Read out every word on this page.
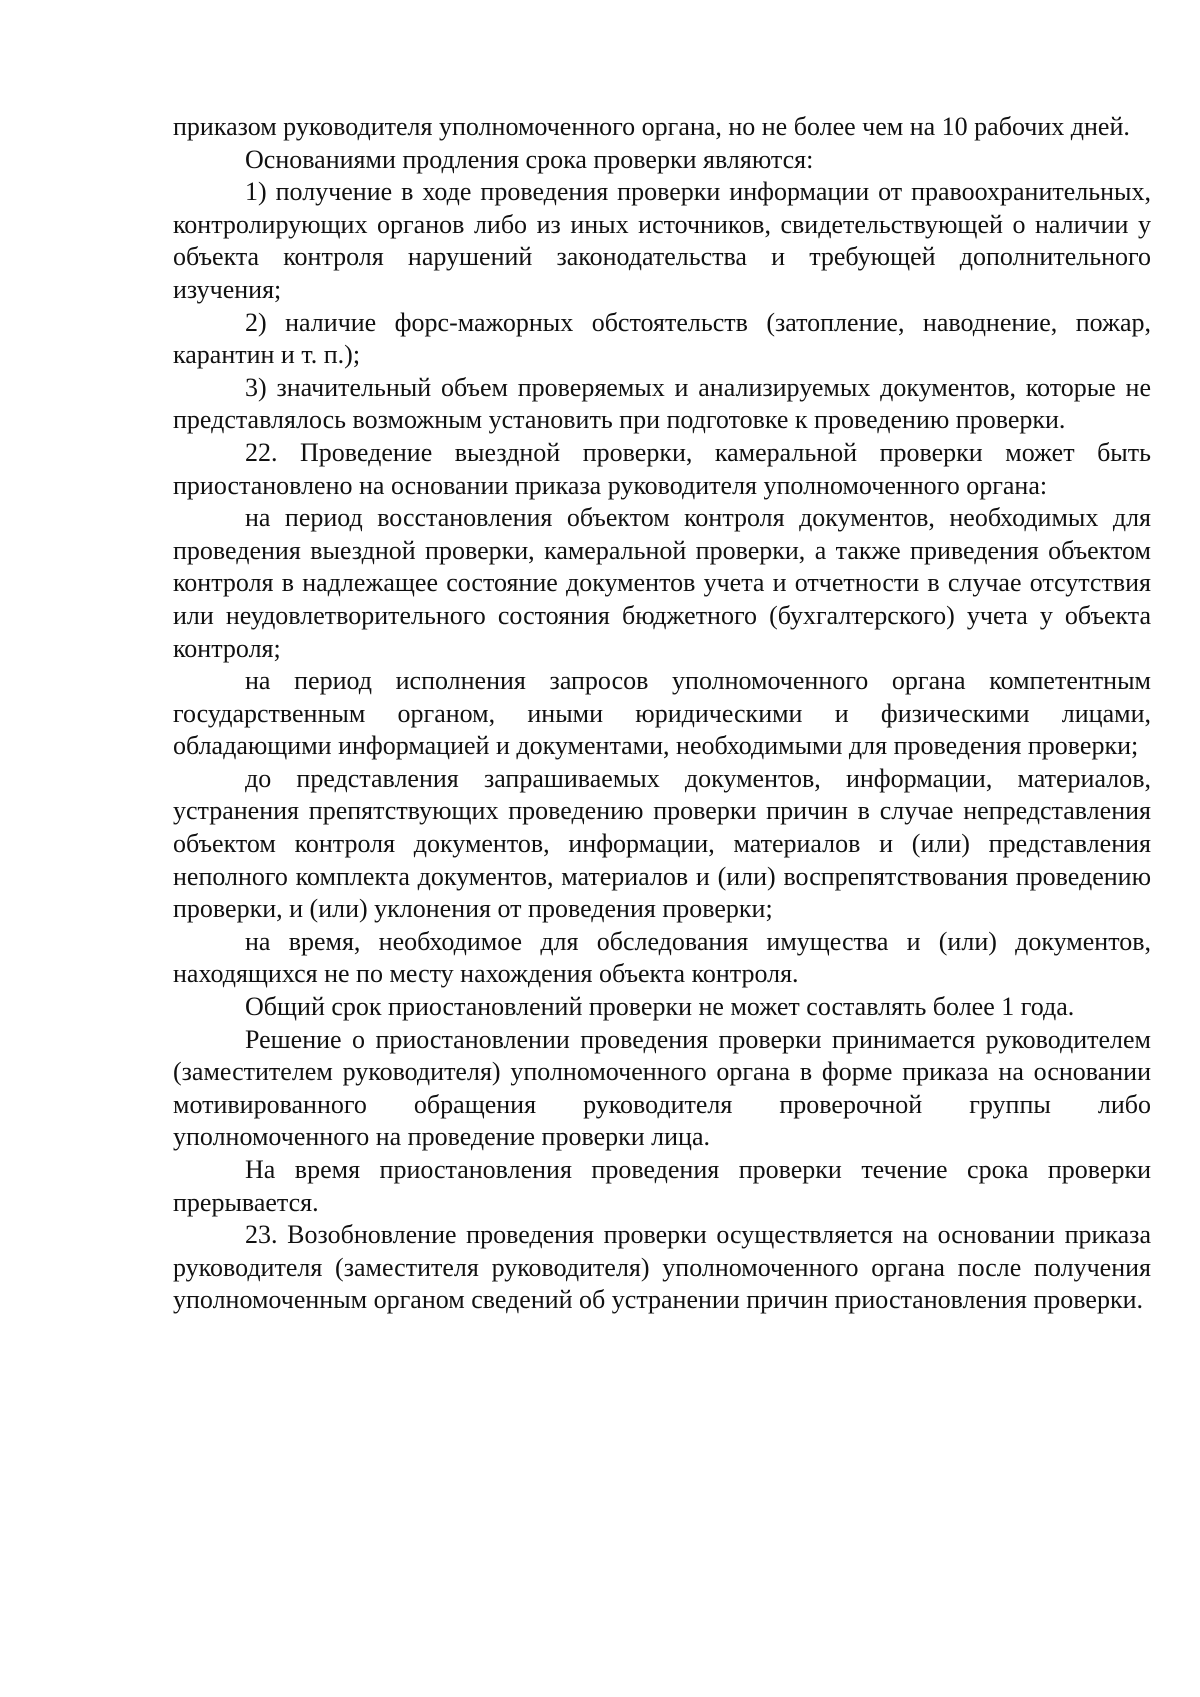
приказом руководителя уполномоченного органа, но не более чем на 10 рабочих дней.

Основаниями продления срока проверки являются:

1) получение в ходе проведения проверки информации от правоохранительных, контролирующих органов либо из иных источников, свидетельствующей о наличии у объекта контроля нарушений законодательства и требующей дополнительного изучения;

2) наличие форс-мажорных обстоятельств (затопление, наводнение, пожар, карантин и т. п.);

3) значительный объем проверяемых и анализируемых документов, которые не представлялось возможным установить при подготовке к проведению проверки.

22. Проведение выездной проверки, камеральной проверки может быть приостановлено на основании приказа руководителя уполномоченного органа:

на период восстановления объектом контроля документов, необходимых для проведения выездной проверки, камеральной проверки, а также приведения объектом контроля в надлежащее состояние документов учета и отчетности в случае отсутствия или неудовлетворительного состояния бюджетного (бухгалтерского) учета у объекта контроля;

на период исполнения запросов уполномоченного органа компетентным государственным органом, иными юридическими и физическими лицами, обладающими информацией и документами, необходимыми для проведения проверки;

до представления запрашиваемых документов, информации, материалов, устранения препятствующих проведению проверки причин в случае непредставления объектом контроля документов, информации, материалов и (или) представления неполного комплекта документов, материалов и (или) воспрепятствования проведению проверки, и (или) уклонения от проведения проверки;

на время, необходимое для обследования имущества и (или) документов, находящихся не по месту нахождения объекта контроля.

Общий срок приостановлений проверки не может составлять более 1 года.

Решение о приостановлении проведения проверки принимается руководителем (заместителем руководителя) уполномоченного органа в форме приказа на основании мотивированного обращения руководителя проверочной группы либо уполномоченного на проведение проверки лица.

На время приостановления проведения проверки течение срока проверки прерывается.

23. Возобновление проведения проверки осуществляется на основании приказа руководителя (заместителя руководителя) уполномоченного органа после получения уполномоченным органом сведений об устранении причин приостановления проверки.
